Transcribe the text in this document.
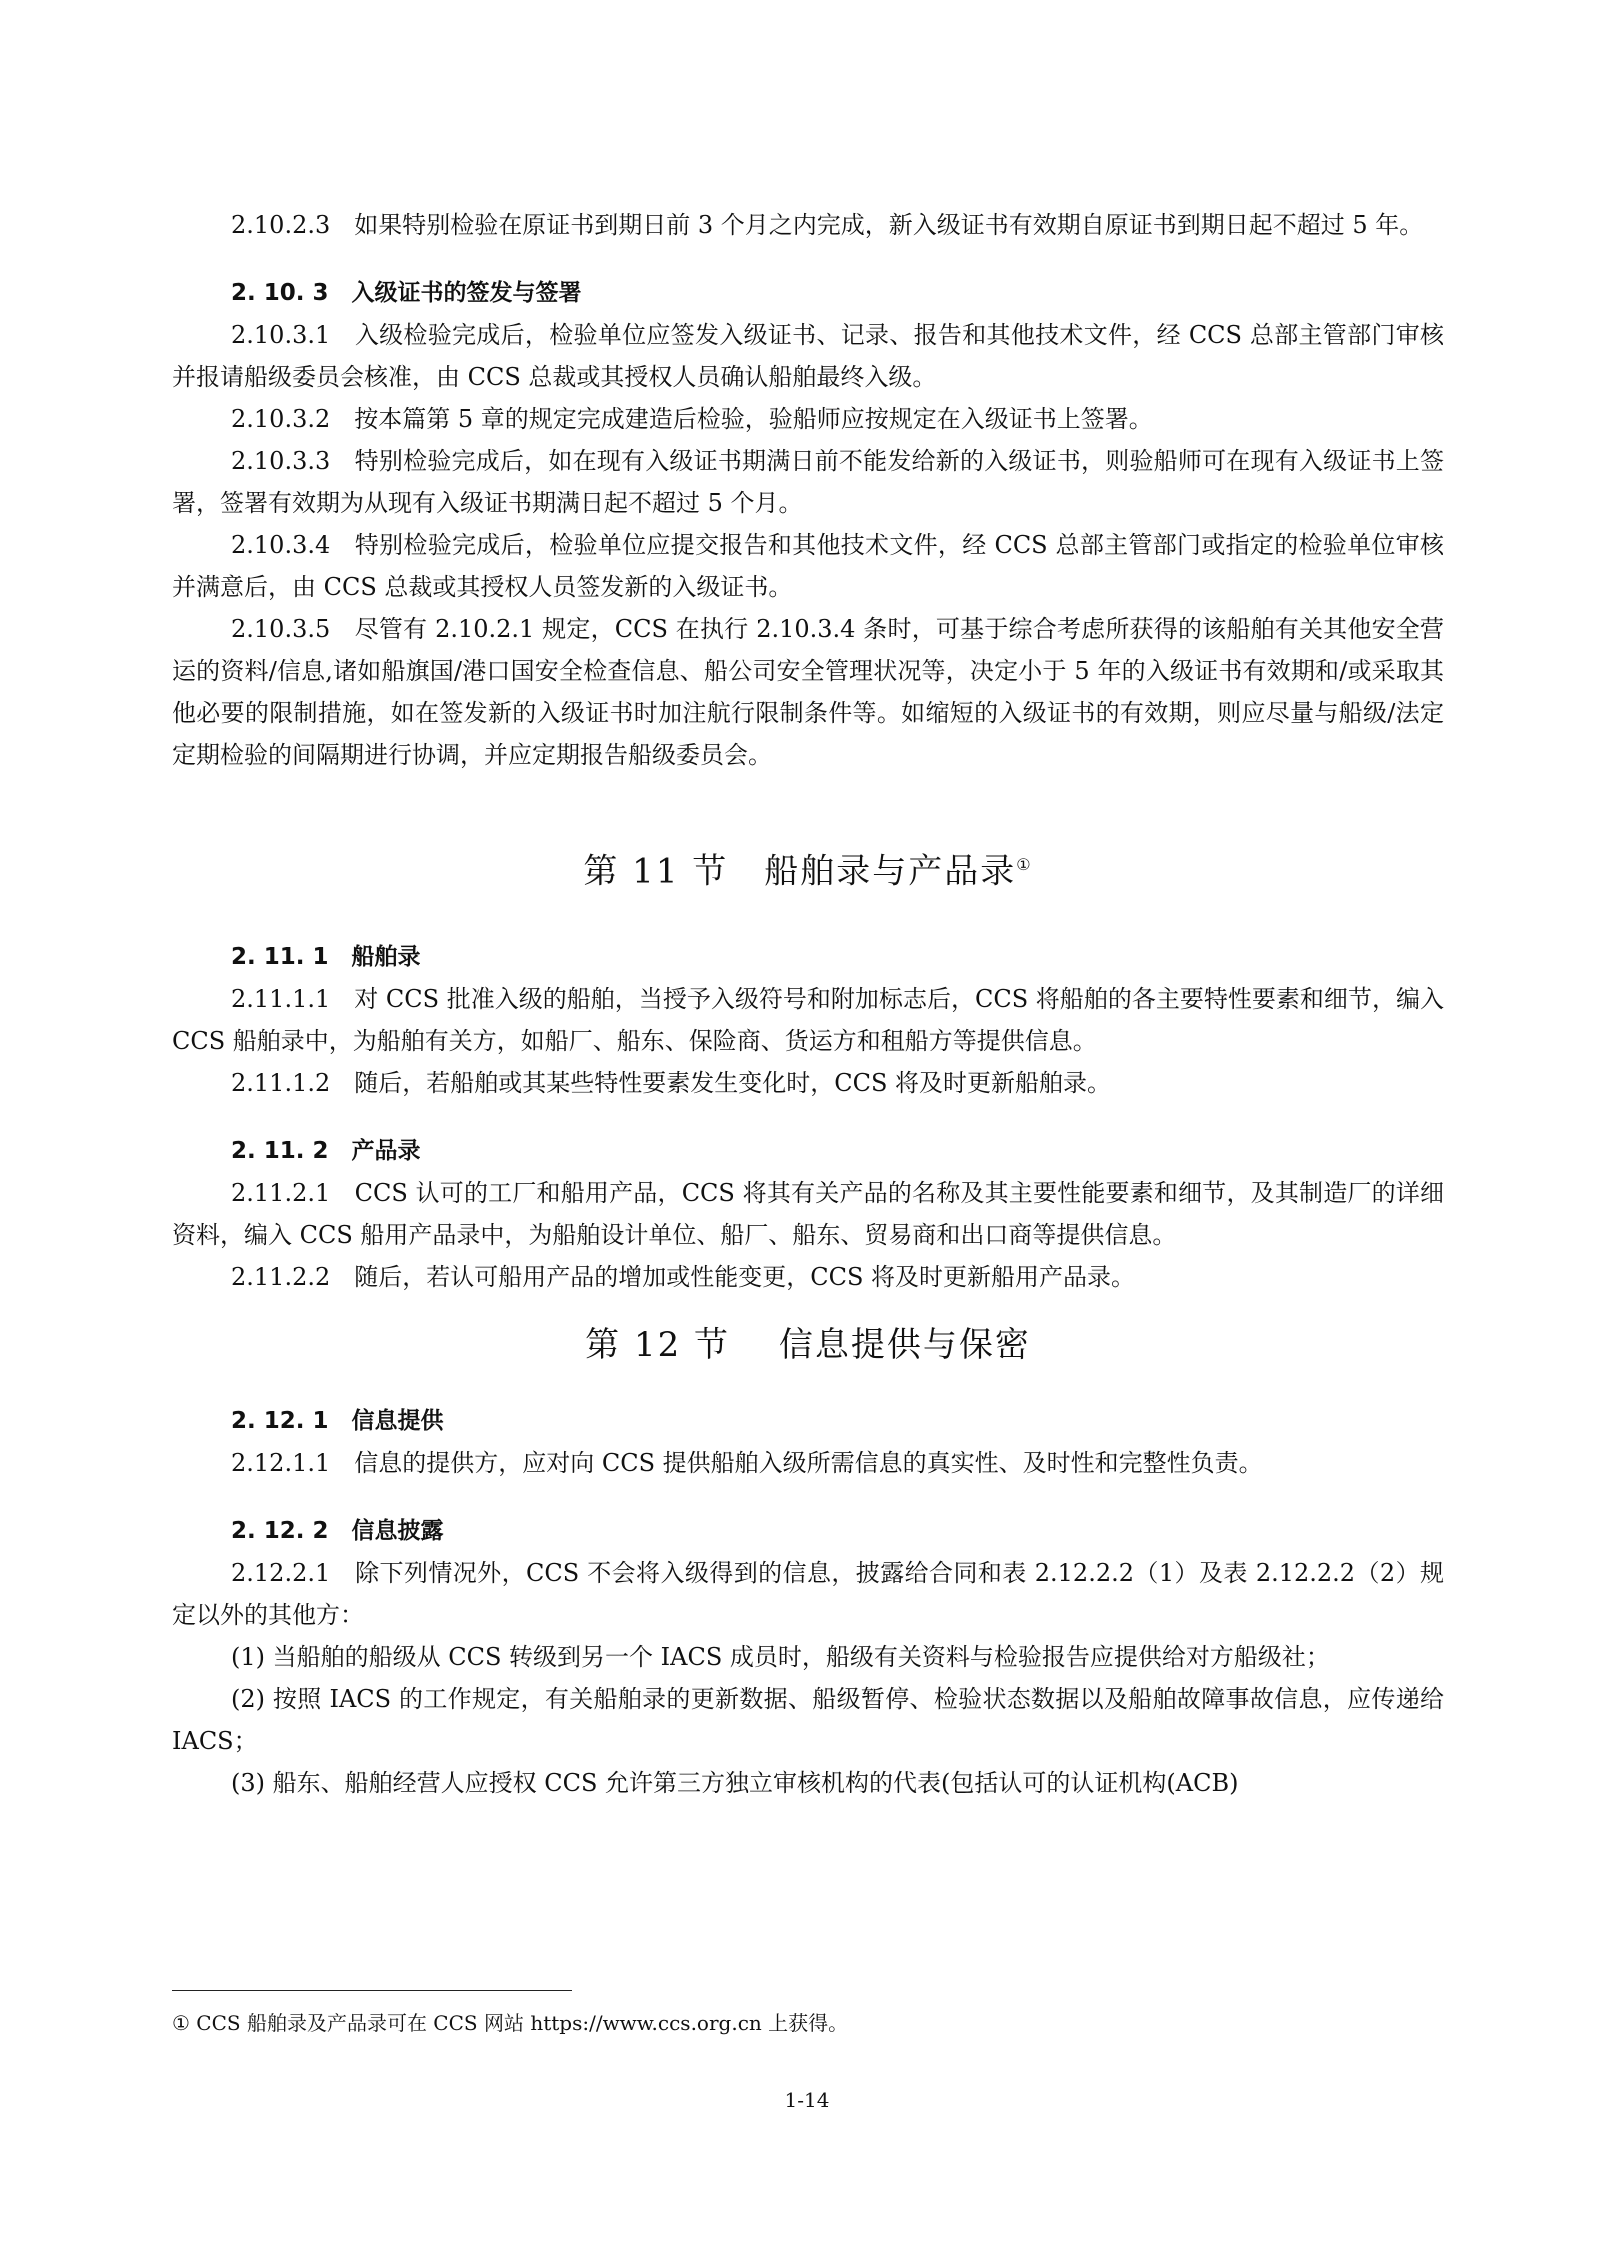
2.10.2.3　如果特别检验在原证书到期日前 3 个月之内完成，新入级证书有效期自原证书到期日起不超过 5 年。

2. 10. 3　入级证书的签发与签署

2.10.3.1　入级检验完成后，检验单位应签发入级证书、记录、报告和其他技术文件，经 CCS 总部主管部门审核并报请船级委员会核准，由 CCS 总裁或其授权人员确认船舶最终入级。

2.10.3.2　按本篇第 5 章的规定完成建造后检验，验船师应按规定在入级证书上签署。

2.10.3.3　特别检验完成后，如在现有入级证书期满日前不能发给新的入级证书，则验船师可在现有入级证书上签署，签署有效期为从现有入级证书期满日起不超过 5 个月。

2.10.3.4　特别检验完成后，检验单位应提交报告和其他技术文件，经 CCS 总部主管部门或指定的检验单位审核并满意后，由 CCS 总裁或其授权人员签发新的入级证书。

2.10.3.5　尽管有 2.10.2.1 规定，CCS 在执行 2.10.3.4 条时，可基于综合考虑所获得的该船舶有关其他安全营运的资料/信息,诸如船旗国/港口国安全检查信息、船公司安全管理状况等，决定小于 5 年的入级证书有效期和/或采取其他必要的限制措施，如在签发新的入级证书时加注航行限制条件等。如缩短的入级证书的有效期，则应尽量与船级/法定定期检验的间隔期进行协调，并应定期报告船级委员会。

第 11 节　船舶录与产品录①

2. 11. 1　船舶录

2.11.1.1　对 CCS 批准入级的船舶，当授予入级符号和附加标志后，CCS 将船舶的各主要特性要素和细节，编入 CCS 船舶录中，为船舶有关方，如船厂、船东、保险商、货运方和租船方等提供信息。

2.11.1.2　随后，若船舶或其某些特性要素发生变化时，CCS 将及时更新船舶录。

2. 11. 2　产品录

2.11.2.1　CCS 认可的工厂和船用产品，CCS 将其有关产品的名称及其主要性能要素和细节，及其制造厂的详细资料，编入 CCS 船用产品录中，为船舶设计单位、船厂、船东、贸易商和出口商等提供信息。

2.11.2.2　随后，若认可船用产品的增加或性能变更，CCS 将及时更新船用产品录。

第 12 节　 信息提供与保密

2. 12. 1　信息提供

2.12.1.1　信息的提供方，应对向 CCS 提供船舶入级所需信息的真实性、及时性和完整性负责。

2. 12. 2　信息披露

2.12.2.1　除下列情况外，CCS 不会将入级得到的信息，披露给合同和表 2.12.2.2（1）及表 2.12.2.2（2）规定以外的其他方：

(1) 当船舶的船级从 CCS 转级到另一个 IACS 成员时，船级有关资料与检验报告应提供给对方船级社；

(2) 按照 IACS 的工作规定，有关船舶录的更新数据、船级暂停、检验状态数据以及船舶故障事故信息，应传递给 IACS；

(3) 船东、船舶经营人应授权 CCS 允许第三方独立审核机构的代表(包括认可的认证机构(ACB)

① CCS 船舶录及产品录可在 CCS 网站 https://www.ccs.org.cn 上获得。

1-14
